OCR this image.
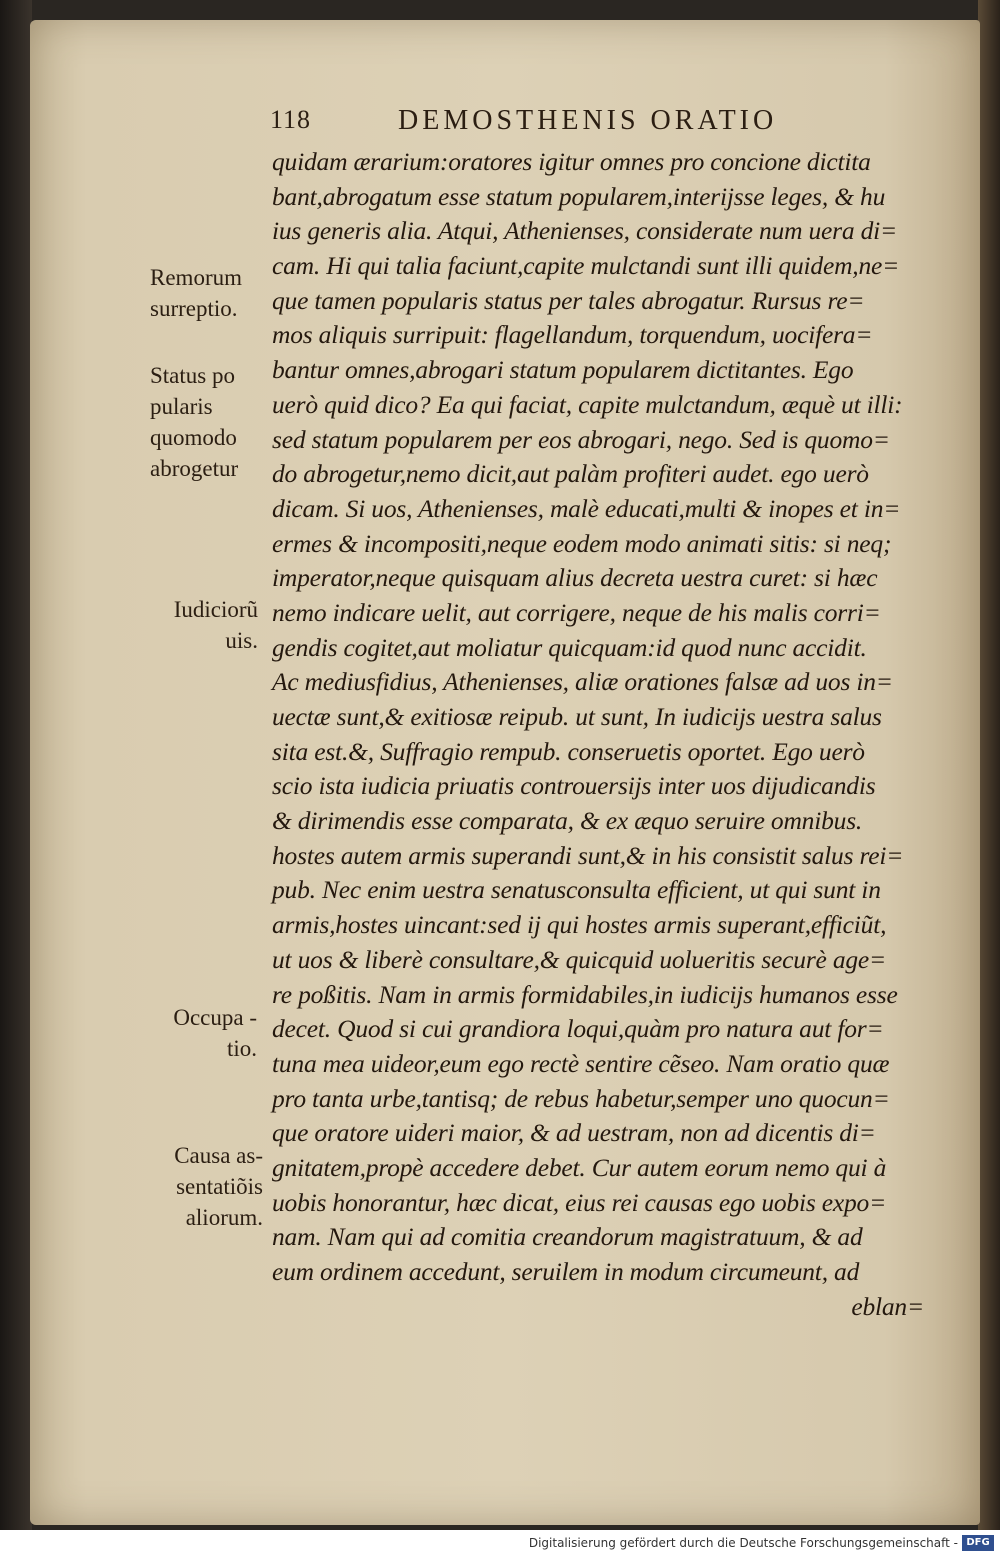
118	DEMOSTHENIS ORATIO
quidam ærarium:oratores igitur omnes pro concione dictita
bant,abrogatum esse statum popularem,interijsse leges, & hu
ius generis alia. Atqui, Athenienses, considerate num uera di=
cam. Hi qui talia faciunt,capite mulctandi sunt illi quidem,ne=
que tamen popularis status per tales abrogatur. Rursus re=
mos aliquis surripuit: flagellandum, torquendum, uocifera=
bantur omnes,abrogari statum popularem dictitantes. Ego
uerò quid dico? Ea qui faciat, capite mulctandum, æquè ut illi:
sed statum popularem per eos abrogari, nego. Sed is quomo=
do abrogetur,nemo dicit,aut palàm profiteri audet. ego uerò
dicam. Si uos, Athenienses, malè educati,multi & inopes et in=
ermes & incompositi,neque eodem modo animati sitis: si neq;
imperator,neque quisquam alius decreta uestra curet: si hæc
nemo indicare uelit, aut corrigere, neque de his malis corri=
gendis cogitet,aut moliatur quicquam:id quod nunc accidit.
Ac mediusfidius, Athenienses, aliæ orationes falsæ ad uos in=
uectæ sunt,& exitiosæ reipub. ut sunt, In iudicijs uestra salus
sita est.&, Suffragio rempub. conseruetis oportet. Ego uerò
scio ista iudicia priuatis controuersijs inter uos dijudicandis
& dirimendis esse comparata, & ex æquo seruire omnibus.
hostes autem armis superandi sunt,& in his consistit salus rei=
pub. Nec enim uestra senatusconsulta efficient, ut qui sunt in
armis,hostes uincant:sed ij qui hostes armis superant,efficiũt,
ut uos & liberè consultare,& quicquid uolueritis securè age=
re poßitis. Nam in armis formidabiles,in iudicijs humanos esse
decet. Quod si cui grandiora loqui,quàm pro natura aut for=
tuna mea uideor,eum ego rectè sentire cẽseo. Nam oratio quæ
pro tanta urbe,tantisq; de rebus habetur,semper uno quocun=
que oratore uideri maior, & ad uestram, non ad dicentis di=
gnitatem,propè accedere debet. Cur autem eorum nemo qui à
uobis honorantur, hæc dicat, eius rei causas ego uobis expo=
nam. Nam qui ad comitia creandorum magistratuum, & ad
eum ordinem accedunt, seruilem in modum circumeunt, ad
eblan=
Remorum
surreptio.
Status po
pularis
quomodo
abrogetur
Iudiciorũ
uis.
Occupa -
tio.
Causa as-
sentatiõis
aliorum.
Digitalisierung gefördert durch die Deutsche Forschungsgemeinschaft - DFG
